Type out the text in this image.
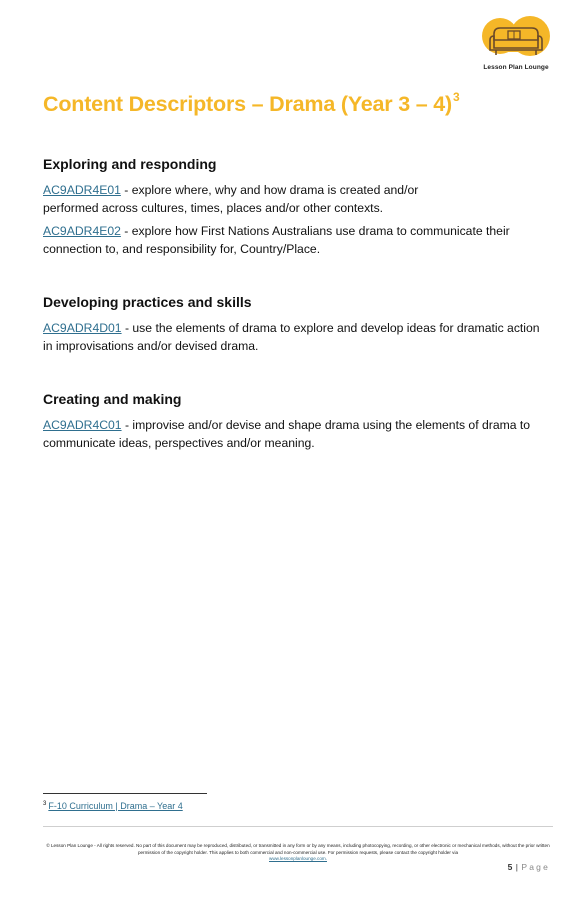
Lesson Plan Lounge
Content Descriptors – Drama (Year 3 – 4)$^3$
Exploring and responding

AC9ADR4E01 - explore where, why and how drama is created and/or
performed across cultures, times, places and/or other contexts.

AC9ADR4E02 - explore how First Nations Australians use drama to communicate their connection to, and responsibility for, Country/Place.

Developing practices and skills

AC9ADR4D01 - use the elements of drama to explore and develop ideas for dramatic action in improvisations and/or devised drama.

Creating and making

AC9ADR4C01 - improvise and/or devise and shape drama using the elements of drama to communicate ideas, perspectives and/or meaning.

$^3$ F-10 Curriculum | Drama – Year 4
© Lesson Plan Lounge - All rights reserved. No part of this document may be reproduced, distributed, or transmitted in any form or by any means, including photocopying, recording, or other electronic or mechanical methods, without the prior written permission of the copyright holder. This applies to both commercial and non-commercial use. For permission requests, please contact the copyright holder via
www.lessonplanlounge.com.
5 | Page
